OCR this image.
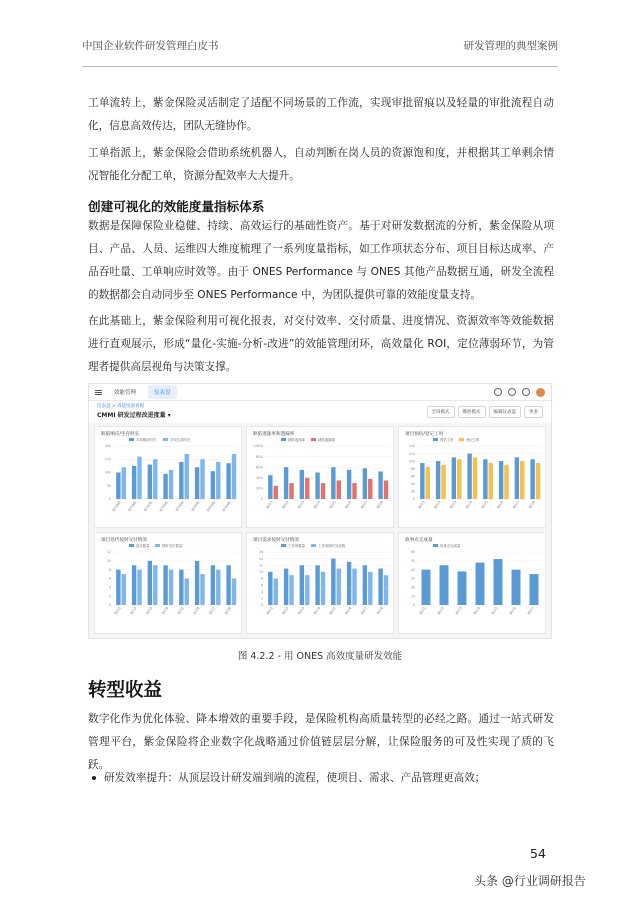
中国企业软件研发管理白皮书	研发管理的典型案例

工单流转上，紫金保险灵活制定了适配不同场景的工作流，实现审批留痕以及轻量的审批流程自动化，信息高效传达，团队无缝协作。

工单指派上，紫金保险会借助系统机器人，自动判断在岗人员的资源饱和度，并根据其工单剩余情况智能化分配工单，资源分配效率大大提升。

创建可视化的效能度量指标体系

数据是保障保险业稳健、持续、高效运行的基础性资产。基于对研发数据流的分析，紫金保险从项目、产品、人员、运维四大维度梳理了一系列度量指标，如工作项状态分布、项目目标达成率、产品吞吐量、工单响应时效等。由于 ONES Performance 与 ONES 其他产品数据互通，研发全流程的数据都会自动同步至 ONES Performance 中，为团队提供可靠的效能度量支持。

在此基础上，紫金保险利用可视化报表，对交付效率、交付质量、进度情况、资源效率等效能数据进行直观展示，形成“量化-实施-分析-改进”的效能管理闭环，高效量化 ROI，定位薄弱环节，为管理者提供高层视角与决策支撑。

效能管理	仪表盘
仪表盘 > 效能度量看板
CMMI 研发过程改进度量 ▾	全屏模式	播放模式	编辑仪表盘	更多
缺陷响应/生存时长
平均响应时长	平均生存时长
0
50
100
150
200
研发A组 研发B组 研发C组 研发D组 研发E组 研发F组 研发G组 研发H组
缺陷逃逸率和遗漏率
缺陷逃逸率	缺陷遗漏率
0
20%
40%
60%
80%
100%
项目1 项目2 项目3 项目4 项目5 项目6 项目7 项目8
项目预估/登记工时
预估工时	登记工时
0
20
40
60
80
100
120
140
项目1 项目2 项目3 项目4 项目5 项目6 项目7 项目8
项目迭代按时交付情况
迭代数量	按时交付数量
0
2
4
6
8
10
12
迭代1 迭代2 迭代3 迭代4 迭代5 迭代6 迭代7 迭代8
项目需求按时交付情况
工作项数量	工作项按时完成数
0
2
4
6
8
10
12
14
16
项目1 项目2 项目3 项目4 项目5 项目6 项目7 项目8
故事点完成量
故事点完成量
0
10
20
30
40
50
60
项目1	项目2	项目3	项目4	项目5	项目6	项目7
图 4.2.2 - 用 ONES 高效度量研发效能
转型收益

数字化作为优化体验、降本增效的重要手段，是保险机构高质量转型的必经之路。通过一站式研发管理平台，紫金保险将企业数字化战略通过价值链层层分解，让保险服务的可及性实现了质的飞跃。

研发效率提升：从顶层设计研发端到端的流程，使项目、需求、产品管理更高效；
54
头条 @行业调研报告
